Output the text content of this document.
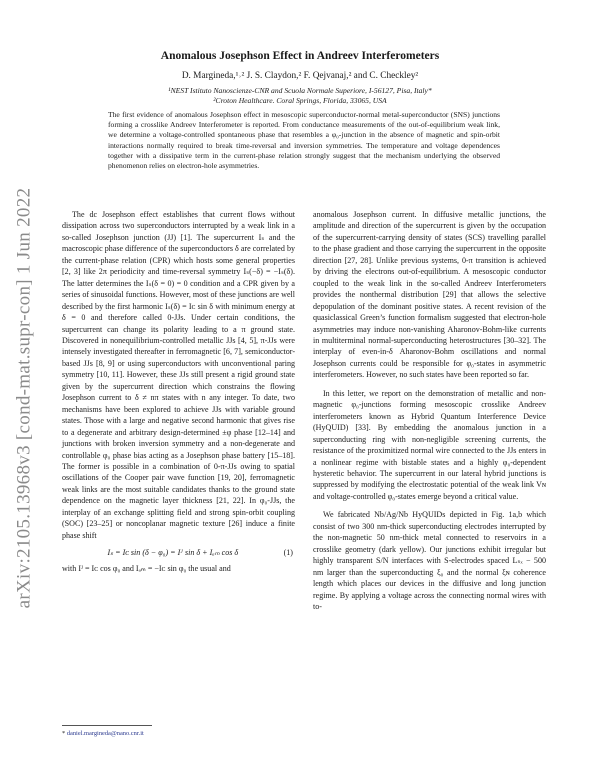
arXiv:2105.13968v3 [cond-mat.supr-con] 1 Jun 2022
Anomalous Josephson Effect in Andreev Interferometers
D. Margineda,¹˒² J. S. Claydon,² F. Qejvanaj,² and C. Checkley²
¹NEST Istituto Nanoscienze-CNR and Scuola Normale Superiore, I-56127, Pisa, Italy*
²Croton Healthcare. Coral Springs, Florida, 33065, USA

The first evidence of anomalous Josephson effect in mesoscopic superconductor-normal metal-superconductor (SNS) junctions forming a crosslike Andreev Interferometer is reported. From conductance measurements of the out-of-equilibrium weak link, we determine a voltage-controlled spontaneous phase that resembles a φ₀-junction in the absence of magnetic and spin-orbit interactions normally required to break time-reversal and inversion symmetries. The temperature and voltage dependences together with a dissipative term in the current-phase relation strongly suggest that the mechanism underlying the observed phenomenon relies on electron-hole asymmetries.

The dc Josephson effect establishes that current flows without dissipation across two superconductors interrupted by a weak link in a so-called Josephson junction (JJ) [1]. The supercurrent Iₛ and the macroscopic phase difference of the superconductors δ are correlated by the current-phase relation (CPR) which hosts some general properties [2, 3] like 2π periodicity and time-reversal symmetry Iₛ(−δ) = −Iₛ(δ). The latter determines the Iₛ(δ = 0) = 0 condition and a CPR given by a series of sinusoidal functions. However, most of these junctions are well described by the first harmonic Iₛ(δ) = Iᴄ sin δ with minimum energy at δ = 0 and therefore called 0-JJs. Under certain conditions, the supercurrent can change its polarity leading to a π ground state. Discovered in nonequilibrium-controlled metallic JJs [4, 5], π-JJs were intensely investigated thereafter in ferromagnetic [6, 7], semiconductor-based JJs [8, 9] or using superconductors with unconventional paring symmetry [10, 11]. However, these JJs still present a rigid ground state given by the supercurrent direction which constrains the flowing Josephson current to δ ≠ nπ states with n any integer. To date, two mechanisms have been explored to achieve JJs with variable ground states. Those with a large and negative second harmonic that gives rise to a degenerate and arbitrary design-determined ±φ phase [12–14] and junctions with broken inversion symmetry and a non-degenerate and controllable φ₀ phase bias acting as a Josephson phase battery [15–18]. The former is possible in a combination of 0-π-JJs owing to spatial oscillations of the Cooper pair wave function [19, 20], ferromagnetic weak links are the most suitable candidates thanks to the ground state dependence on the magnetic layer thickness [21, 22]. In φ₀-JJs, the interplay of an exchange splitting field and strong spin-orbit coupling (SOC) [23–25] or noncoplanar magnetic texture [26] induce a finite phase shift

Iₛ = Iᴄ sin (δ − φ₀) = Iᴶ sin δ + Iₐₘ cos δ	(1)
with Iᴶ = Iᴄ cos φ₀ and Iₐₘ = −Iᴄ sin φ₀ the usual and
anomalous Josephson current. In diffusive metallic junctions, the amplitude and direction of the supercurrent is given by the occupation of the supercurrent-carrying density of states (SCS) travelling parallel to the phase gradient and those carrying the supercurrent in the opposite direction [27, 28]. Unlike previous systems, 0-π transition is achieved by driving the electrons out-of-equilibrium. A mesoscopic conductor coupled to the weak link in the so-called Andreev Interferometers provides the nonthermal distribution [29] that allows the selective depopulation of the dominant positive states. A recent revision of the quasiclassical Green’s function formalism suggested that electron-hole asymmetries may induce non-vanishing Aharonov-Bohm-like currents in multiterminal normal-superconducting heterostructures [30–32]. The interplay of even-in-δ Aharonov-Bohm oscillations and normal Josephson currents could be responsible for φ₀-states in asymmetric interferometers. However, no such states have been reported so far.

In this letter, we report on the demonstration of metallic and non-magnetic φ₀-junctions forming mesoscopic crosslike Andreev interferometers known as Hybrid Quantum Interference Device (HyQUID) [33]. By embedding the anomalous junction in a superconducting ring with non-negligible screening currents, the resistance of the proximitized normal wire connected to the JJs enters in a nonlinear regime with bistable states and a highly φ₀-dependent hysteretic behavior. The supercurrent in our lateral hybrid junctions is suppressed by modifying the electrostatic potential of the weak link Vɴ and voltage-controlled φ₀-states emerge beyond a critical value.

We fabricated Nb/Ag/Nb HyQUIDs depicted in Fig. 1a,b which consist of two 300 nm-thick superconducting electrodes interrupted by the non-magnetic 50 nm-thick metal connected to reservoirs in a crosslike geometry (dark yellow). Our junctions exhibit irregular but highly transparent S/N interfaces with S-electrodes spaced Lₛₓ − 500 nm larger than the superconducting ξ₀ and the normal ξɴ coherence length which places our devices in the diffusive and long junction regime. By applying a voltage across the connecting normal wires with to-

* daniel.margineda@nano.cnr.it
